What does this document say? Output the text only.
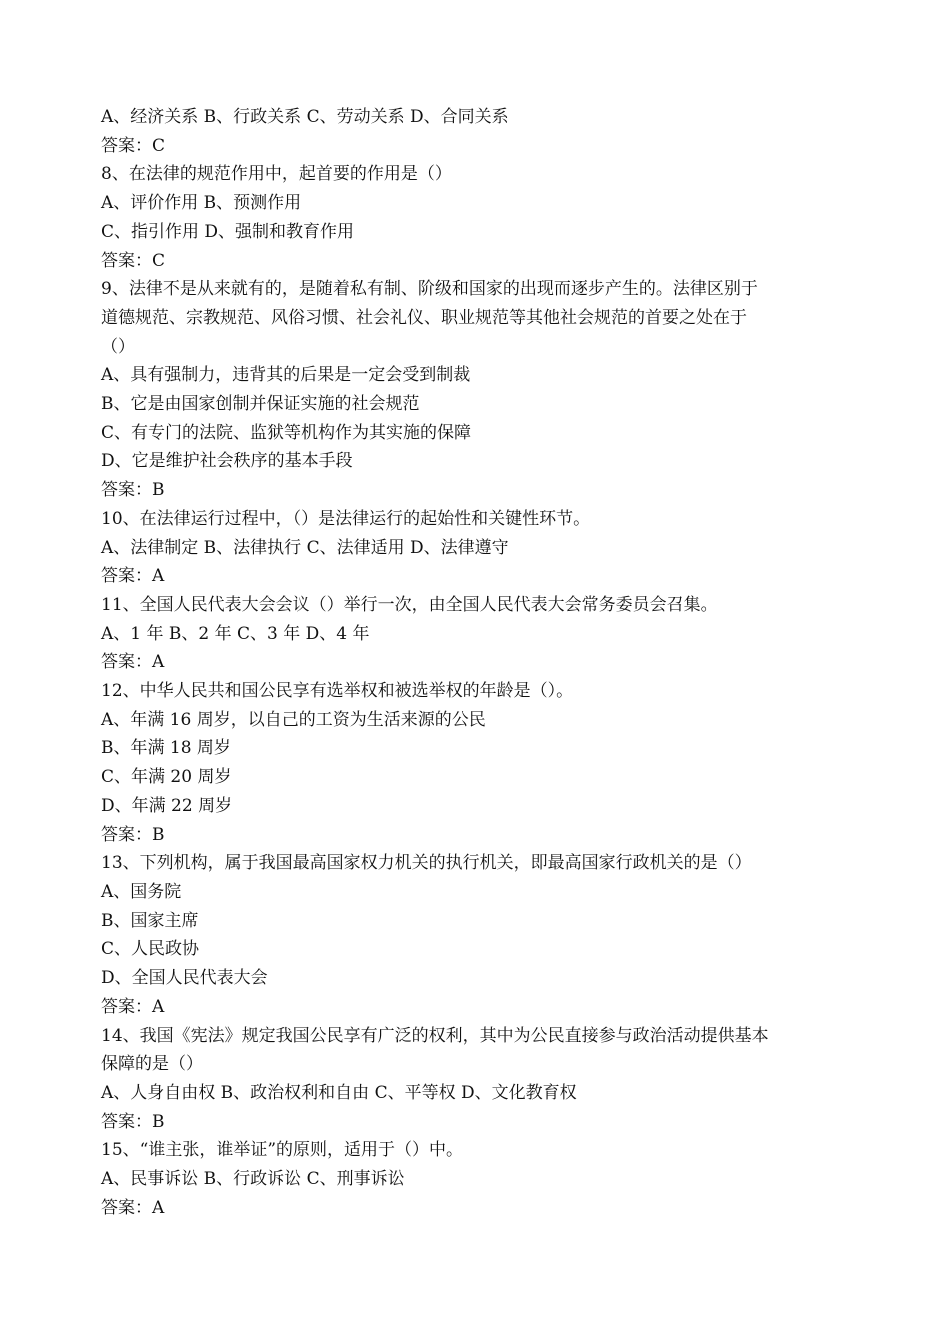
A、经济关系 B、行政关系 C、劳动关系 D、合同关系
答案：C
8、在法律的规范作用中，起首要的作用是（）
A、评价作用 B、预测作用
C、指引作用 D、强制和教育作用
答案：C
9、法律不是从来就有的，是随着私有制、阶级和国家的出现而逐步产生的。法律区别于
道德规范、宗教规范、风俗习惯、社会礼仪、职业规范等其他社会规范的首要之处在于
（）
A、具有强制力，违背其的后果是一定会受到制裁
B、它是由国家创制并保证实施的社会规范
C、有专门的法院、监狱等机构作为其实施的保障
D、它是维护社会秩序的基本手段
答案：B
10、在法律运行过程中，（）是法律运行的起始性和关键性环节。
A、法律制定 B、法律执行 C、法律适用 D、法律遵守
答案：A
11、全国人民代表大会会议（）举行一次，由全国人民代表大会常务委员会召集。
A、1 年 B、2 年 C、3 年 D、4 年
答案：A
12、中华人民共和国公民享有选举权和被选举权的年龄是（）。
A、年满 16 周岁，以自己的工资为生活来源的公民
B、年满 18 周岁
C、年满 20 周岁
D、年满 22 周岁
答案：B
13、下列机构，属于我国最高国家权力机关的执行机关，即最高国家行政机关的是（）
A、国务院
B、国家主席
C、人民政协
D、全国人民代表大会
答案：A
14、我国《宪法》规定我国公民享有广泛的权利，其中为公民直接参与政治活动提供基本
保障的是（）
A、人身自由权 B、政治权利和自由 C、平等权 D、文化教育权
答案：B
15、“谁主张，谁举证”的原则，适用于（）中。
A、民事诉讼 B、行政诉讼 C、刑事诉讼
答案：A
